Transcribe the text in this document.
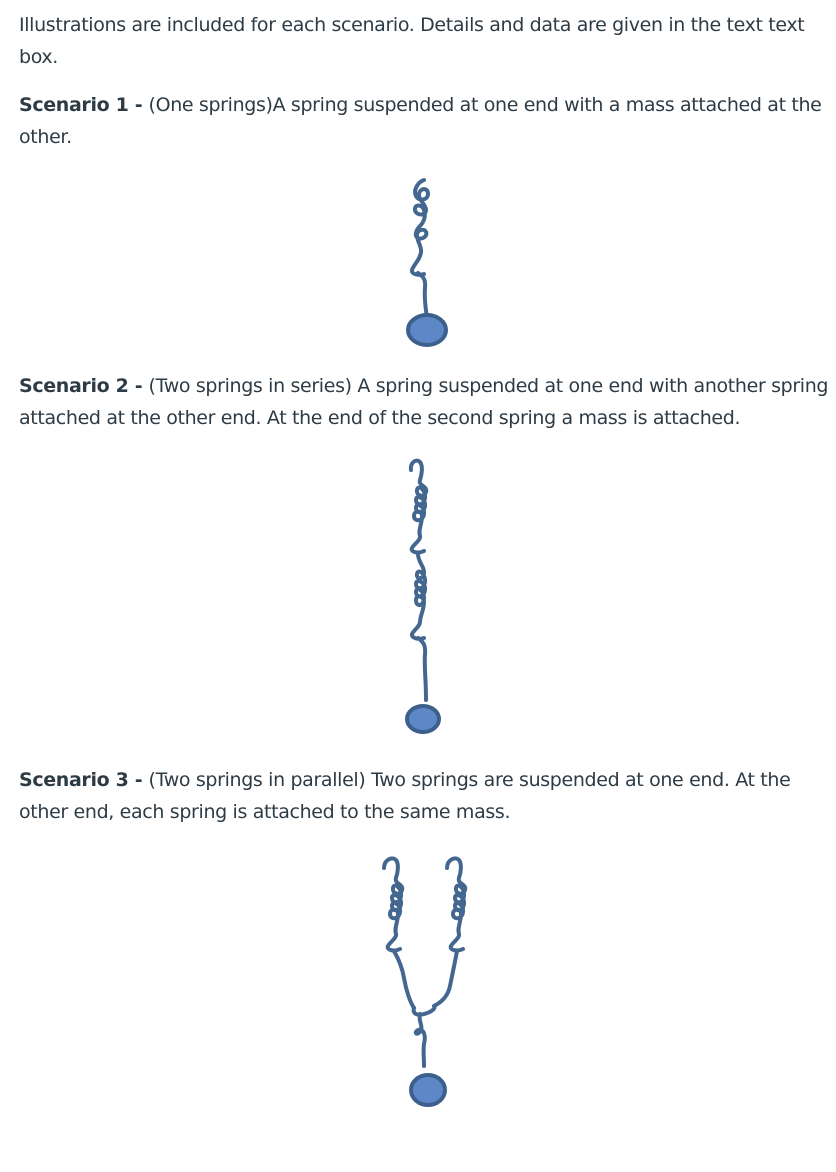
Illustrations are included for each scenario. Details and data are given in the text text box.

Scenario 1 - (One springs)A spring suspended at one end with a mass attached at the other.

Scenario 2 - (Two springs in series) A spring suspended at one end with another spring attached at the other end. At the end of the second spring a mass is attached.

Scenario 3 - (Two springs in parallel) Two springs are suspended at one end. At the other end, each spring is attached to the same mass.
